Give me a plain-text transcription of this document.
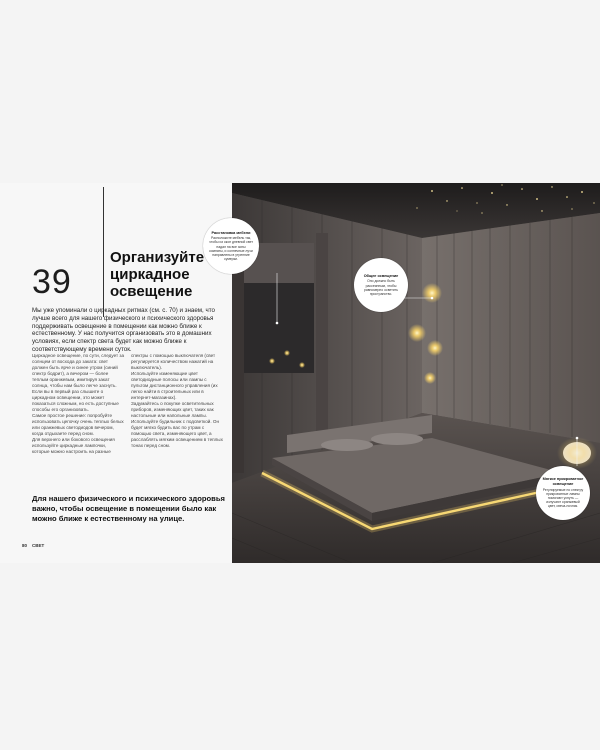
39
Организуйте циркадное освещение
Мы уже упоминали о циркадных ритмах (см. с. 70) и знаем, что лучше всего для нашего физического и психического здоровья поддерживать освещение в помещении как можно ближе к естественному. У нас получится организовать это в домашних условиях, если спектр света будет как можно ближе к соответствующему времени суток.

Циркадное освещение, по сути, следует за солнцем от восхода до заката: свет должен быть ярче и синее утром (синий спектр бодрит), а вечером — более теплым оранжевым, имитируя закат солнца, чтобы нам было легче заснуть. Если вы в первый раз слышите о циркадном освещении, это может показаться сложным, но есть доступные способы его организовать.

Самое простое решение: попробуйте использовать цепочку очень теплых белых или оранжевых светодиодов вечером, когда отдыхаете перед сном.

Для верхнего или бокового освещения используйте циркадные лампочки, которые можно настроить на разные

спектры с помощью выключателя (свет регулируется количеством нажатий на выключатель).

Используйте изменяющие цвет светодиодные полосы или лампы с пультом дистанционного управления (их легко найти в строительных или в интернет-магазинах).

Задумайтесь о покупке осветительных приборов, изменяющих цвет, таких как настольные или напольные лампы.

Используйте будильник с подсветкой. Он будет мягко будить вас по утрам с помощью света, изменяющего цвет, а расслаблять мягким освещением в теплых тонах перед сном.

Для нашего физического и психического здоровья важно, чтобы освещение в помещении было как можно ближе к естественному на улице.
80 СВЕТ
Расстановка мебели
Расположите мебель так, чтобы из окон дневной свет падал на все зоны комнаты, и солнечные лучи направлены в утренние сумерки.
Общее освещение
Оно должно быть рассеянным, чтобы равномерно осветить пространство.
Мягкое прикроватное освещение
Регулируемые по спектру прикроватные лампы помогают уснуть — излучают оранжевый цвет, свеча-ночник.
